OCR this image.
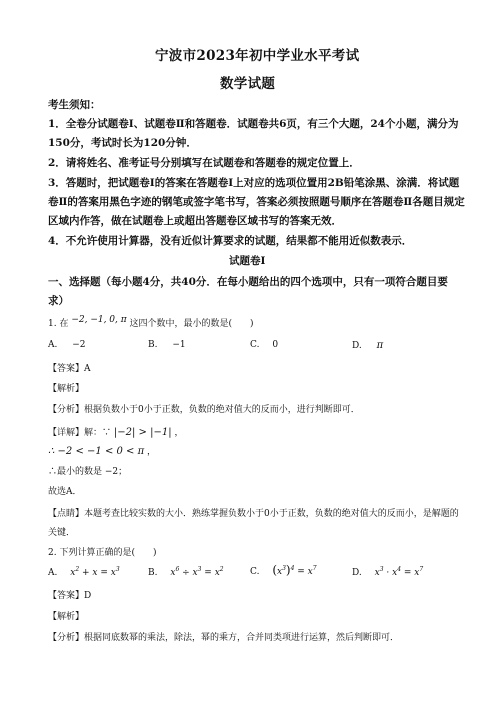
宁波市2023年初中学业水平考试
数学试题
考生须知：
1．全卷分试题卷Ⅰ、试题卷Ⅱ和答题卷．试题卷共6页，有三个大题，24个小题，满分为
150分，考试时长为120分钟．
2．请将姓名、准考证号分别填写在试题卷和答题卷的规定位置上．
3．答题时，把试题卷Ⅰ的答案在答题卷Ⅰ上对应的选项位置用2B铅笔涂黑、涂满．将试题
卷Ⅱ的答案用黑色字迹的钢笔或签字笔书写，答案必须按照题号顺序在答题卷Ⅱ各题目规定
区域内作答，做在试题卷上或超出答题卷区域书写的答案无效．
4．不允许使用计算器，没有近似计算要求的试题，结果都不能用近似数表示．
试题卷Ⅰ
一、选择题（每小题4分，共40分．在每小题给出的四个选项中，只有一项符合题目要
求）
1. 在 −2, −1, 0, π 这四个数中，最小的数是(　　)
A. −2	B. −1	C. 0	D. π
【答案】A
【解析】
【分析】根据负数小于0小于正数，负数的绝对值大的反而小，进行判断即可．
【详解】解：∵ |−2| > |−1| ，
∴ −2 < −1 < 0 < π ，
∴最小的数是 −2；
故选A．
【点睛】本题考查比较实数的大小．熟练掌握负数小于0小于正数，负数的绝对值大的反而小，是解题的
关键．
2. 下列计算正确的是(　　)
A. $x^2 + x = x^3$	B. $x^6 \div x^3 = x^2$	C. $(x^3)^4 = x^7$	D. $x^3 \cdot x^4 = x^7$
【答案】D
【解析】
【分析】根据同底数幂的乘法，除法，幂的乘方，合并同类项进行运算，然后判断即可．
